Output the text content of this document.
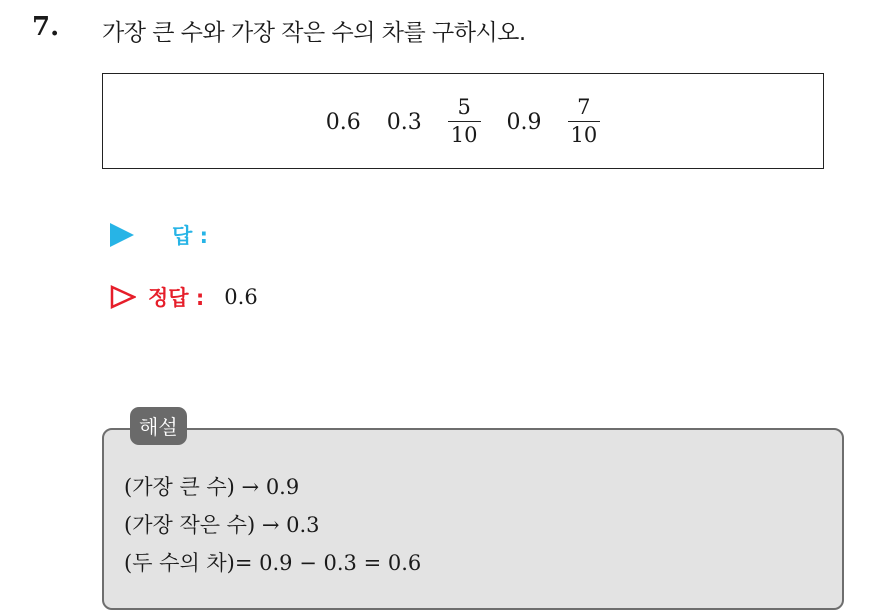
7. 가장 큰 수와 가장 작은 수의 차를 구하시오.
0.6 $0.3 \frac{5}{10} 0.9 \frac{7}{10}$
답 :
정답 : 0.6
해설
(가장 큰 수) → 0.9
(가장 작은 수) → 0.3
(두 수의 차)= 0.9 − 0.3 = 0.6
